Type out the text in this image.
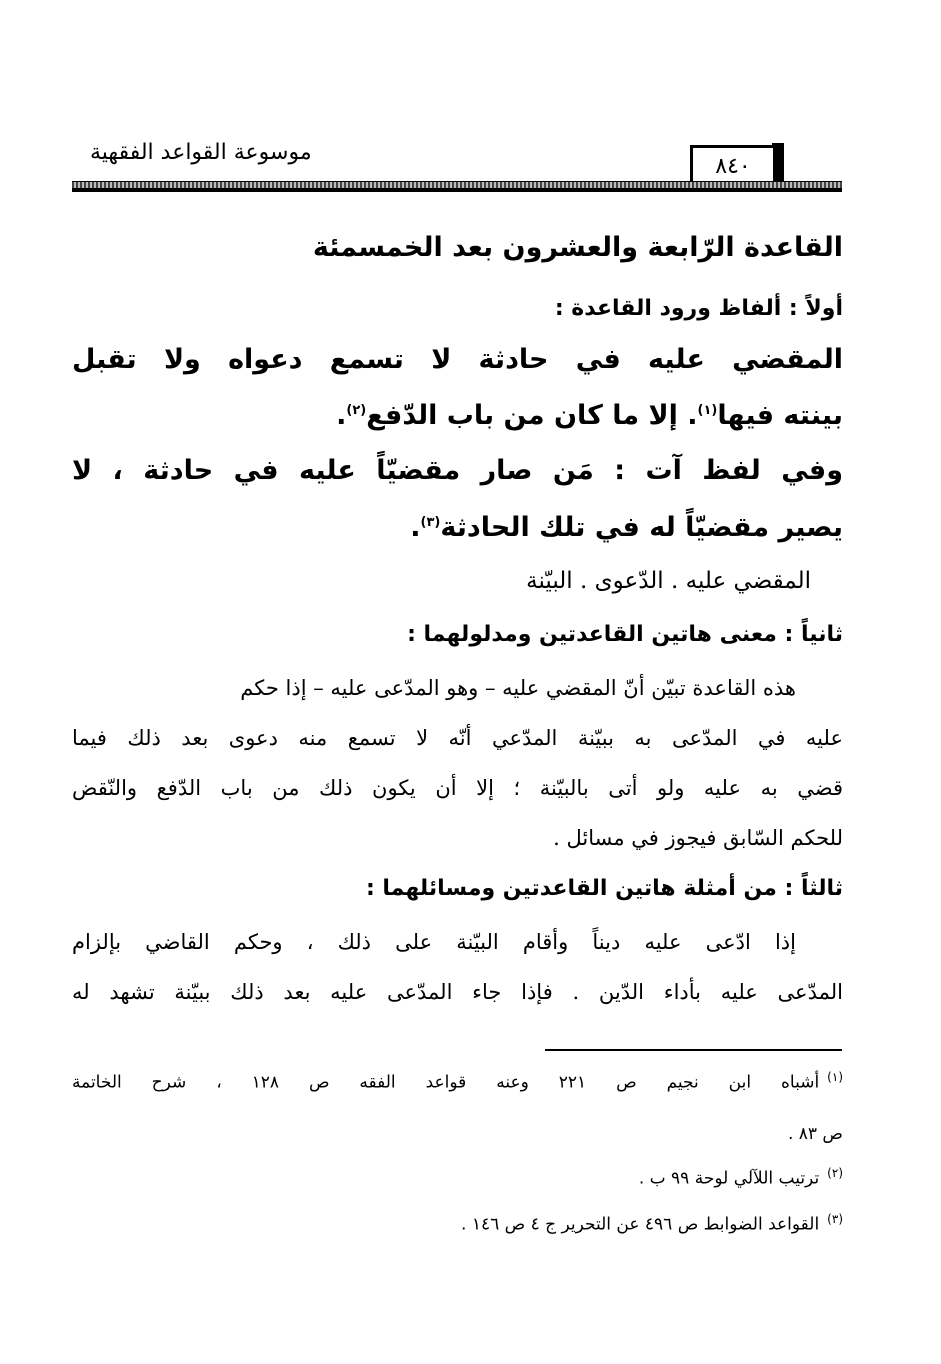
موسوعة القواعد الفقهية
٨٤٠
القاعدة الرّابعة والعشرون بعد الخمسمئة
أولاً : ألفاظ ورود القاعدة :
المقضي عليه في حادثة لا تسمع دعواه ولا تقبل
بينته فيها$^{(١)}$. إلا ما كان من باب الدّفع$^{(٢)}$.
وفي لفظ آت : مَن صار مقضيّاً عليه في حادثة ، لا
يصير مقضيّاً له في تلك الحادثة$^{(٣)}$.
المقضي عليه . الدّعوى . البيّنة
ثانياً : معنى هاتين القاعدتين ومدلولهما :
هذه القاعدة تبيّن أنّ المقضي عليه – وهو المدّعى عليه – إذا حكم
عليه في المدّعى به ببيّنة المدّعي أنّه لا تسمع منه دعوى بعد ذلك فيما
قضي به عليه ولو أتى بالبيّنة ؛ إلا أن يكون ذلك من باب الدّفع والنّقض
للحكم السّابق فيجوز في مسائل .
ثالثاً : من أمثلة هاتين القاعدتين ومسائلهما :
إذا ادّعى عليه ديناً وأقام البيّنة على ذلك ، وحكم القاضي بإلزام
المدّعى عليه بأداء الدّين . فإذا جاء المدّعى عليه بعد ذلك ببيّنة تشهد له
$^{(١)}$أشباه ابن نجيم ص ٢٢١ وعنه قواعد الفقه ص ١٢٨ ، شرح الخاتمة
ص ٨٣ .
$^{(٢)}$ترتيب اللآلي لوحة ٩٩ ب .
$^{(٣)}$القواعد الضوابط ص ٤٩٦ عن التحرير ج ٤ ص ١٤٦ .
